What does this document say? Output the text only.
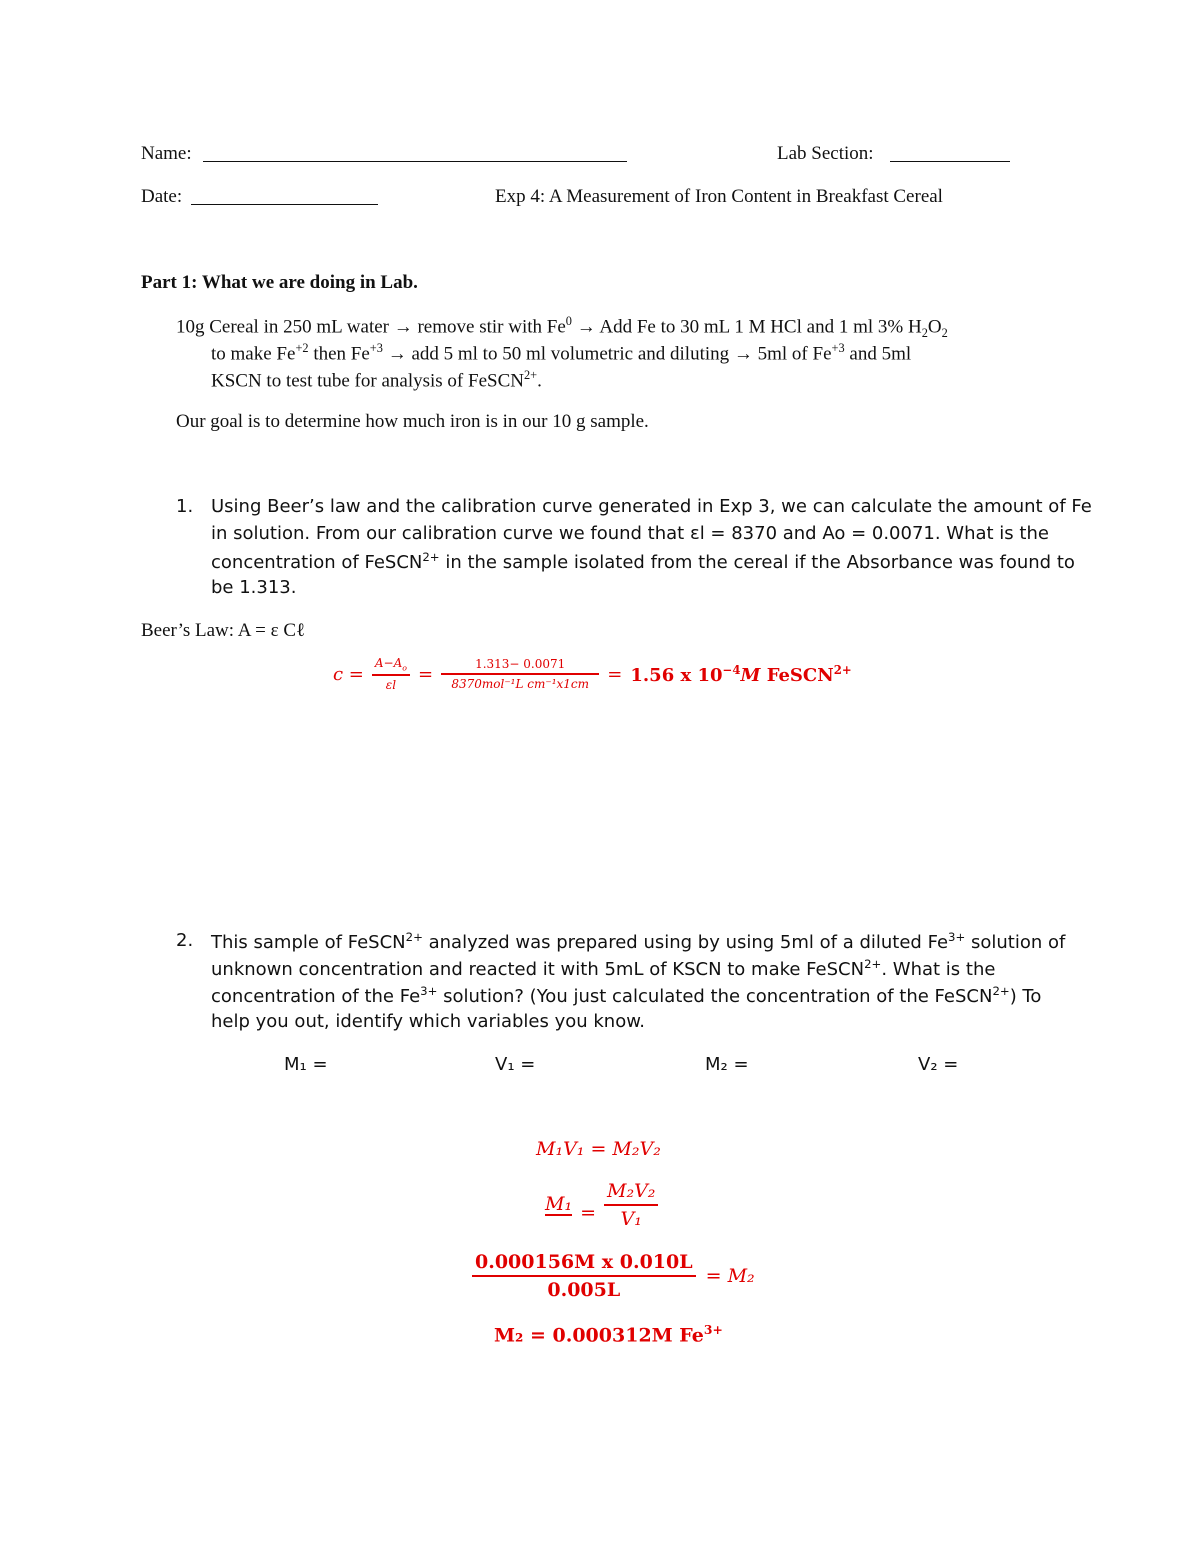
Name:	Lab Section:
Date:	Exp 4: A Measurement of Iron Content in Breakfast Cereal
Part 1: What we are doing in Lab.
10g Cereal in 250 mL water → remove stir with $Fe^0$ → Add Fe to 30 mL 1 M HCl and 1 ml 3% $H_2O_2$
to make $Fe^{+2}$ then $Fe^{+3}$ → add 5 ml to 50 ml volumetric and diluting → 5ml of $Fe^{+3}$ and 5ml
KSCN to test tube for analysis of FeSCN$^{2+}$.
Our goal is to determine how much iron is in our 10 g sample.
1. Using Beer’s law and the calibration curve generated in Exp 3, we can calculate the amount of Fe
in solution. From our calibration curve we found that εl = 8370 and Ao = 0.0071. What is the
concentration of FeSCN$^{2+}$ in the sample isolated from the cereal if the Absorbance was found to
be 1.313.
Beer’s Law: A = ε Cℓ
$c = \frac{A-A_o}{\varepsilon l} = \frac{1.313- 0.0071}{\text{8370mol⁻¹L cm⁻¹x1cm}} = 1.56$ x $10^{-4}M$ FeSCN$^{2+}$
2. This sample of FeSCN$^{2+}$ analyzed was prepared using by using 5ml of a diluted $Fe^{3+}$ solution of
unknown concentration and reacted it with 5mL of KSCN to make FeSCN$^{2+}$. What is the
concentration of the $Fe^{3+}$ solution? (You just calculated the concentration of the FeSCN$^{2+}$) To
help you out, identify which variables you know.
M₁ =	V₁ =	M₂ =	V₂ =
M₁V₁ = M₂V₂
$M_1 = \frac{\text{M₂V₂}}{\text{V₁}}$
$\frac{\text{0.000156M x 0.010L}}{0.005L} = M_2$
M₂ = 0.000312M $Fe^{3+}$
